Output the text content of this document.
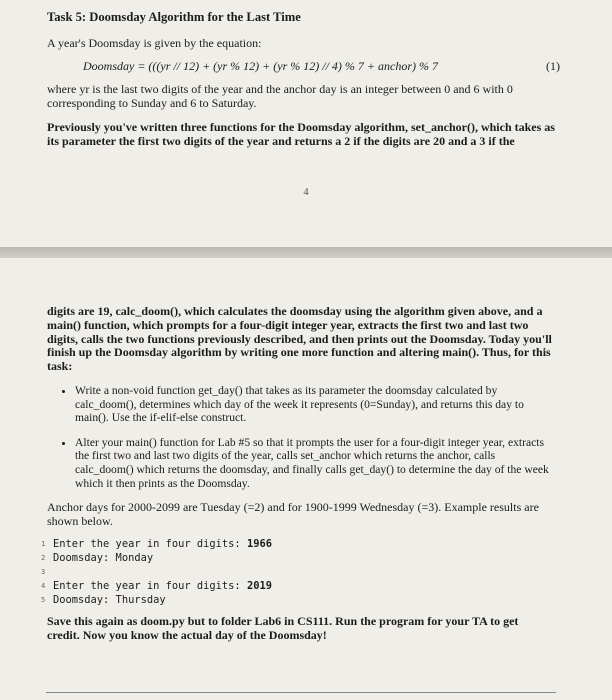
Task 5: Doomsday Algorithm for the Last Time

A year's Doomsday is given by the equation:

Doomsday = (((yr // 12) + (yr % 12) + (yr % 12) // 4) % 7 + anchor) % 7	(1)

where yr is the last two digits of the year and the anchor day is an integer between 0 and 6 with 0 corresponding to Sunday and 6 to Saturday.

Previously you've written three functions for the Doomsday algorithm, set_anchor(), which takes as its parameter the first two digits of the year and returns a 2 if the digits are 20 and a 3 if the

4

digits are 19, calc_doom(), which calculates the doomsday using the algorithm given above, and a main() function, which prompts for a four-digit integer year, extracts the first two and last two digits, calls the two functions previously described, and then prints out the Doomsday. Today you'll finish up the Doomsday algorithm by writing one more function and altering main(). Thus, for this task:

• Write a non-void function get_day() that takes as its parameter the doomsday calculated by calc_doom(), determines which day of the week it represents (0=Sunday), and returns this day to main(). Use the if-elif-else construct.
• Alter your main() function for Lab #5 so that it prompts the user for a four-digit integer year, extracts the first two and last two digits of the year, calls set_anchor which returns the anchor, calls calc_doom() which returns the doomsday, and finally calls get_day() to determine the day of the week which it then prints as the Doomsday.

Anchor days for 2000-2099 are Tuesday (=2) and for 1900-1999 Wednesday (=3). Example results are shown below.

1 Enter the year in four digits: 1966
2 Doomsday: Monday
3
4 Enter the year in four digits: 2019
5 Doomsday: Thursday

Save this again as doom.py but to folder Lab6 in CS111. Run the program for your TA to get credit. Now you know the actual day of the Doomsday!
